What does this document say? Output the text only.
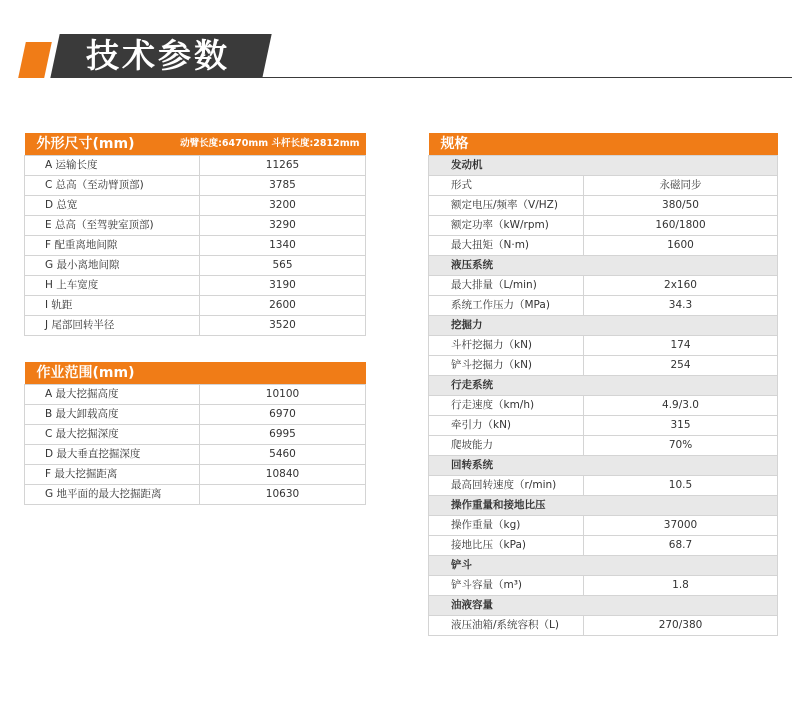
技术参数
外形尺寸(mm) 动臂长度:6470mm 斗杆长度:2812mm	

A 运输长度	11265
C 总高（至动臂顶部)	3785
D 总宽	3200
E 总高（至驾驶室顶部)	3290
F 配重离地间隙	1340
G 最小离地间隙	565
H 上车宽度	3190
I 轨距	2600
J 尾部回转半径	3520
作业范围(mm)	
A 最大挖掘高度	10100
B 最大卸载高度	6970
C 最大挖掘深度	6995
D 最大垂直挖掘深度	5460
F 最大挖掘距离	10840
G 地平面的最大挖掘距离	10630
规格	
发动机	
形式	永磁同步
额定电压/频率（V/HZ)	380/50
额定功率（kW/rpm)	160/1800
最大扭矩（N·m)	1600
液压系统	
最大排量（L/min)	2x160
系统工作压力（MPa)	34.3
挖掘力	
斗杆挖掘力（kN)	174
铲斗挖掘力（kN)	254
行走系统	
行走速度（km/h)	4.9/3.0
牵引力（kN)	315
爬坡能力	70%
回转系统	
最高回转速度（r/min)	10.5
操作重量和接地比压	
操作重量（kg)	37000
接地比压（kPa)	68.7
铲斗	
铲斗容量（m³)	1.8
油液容量	
液压油箱/系统容积（L)	270/380
